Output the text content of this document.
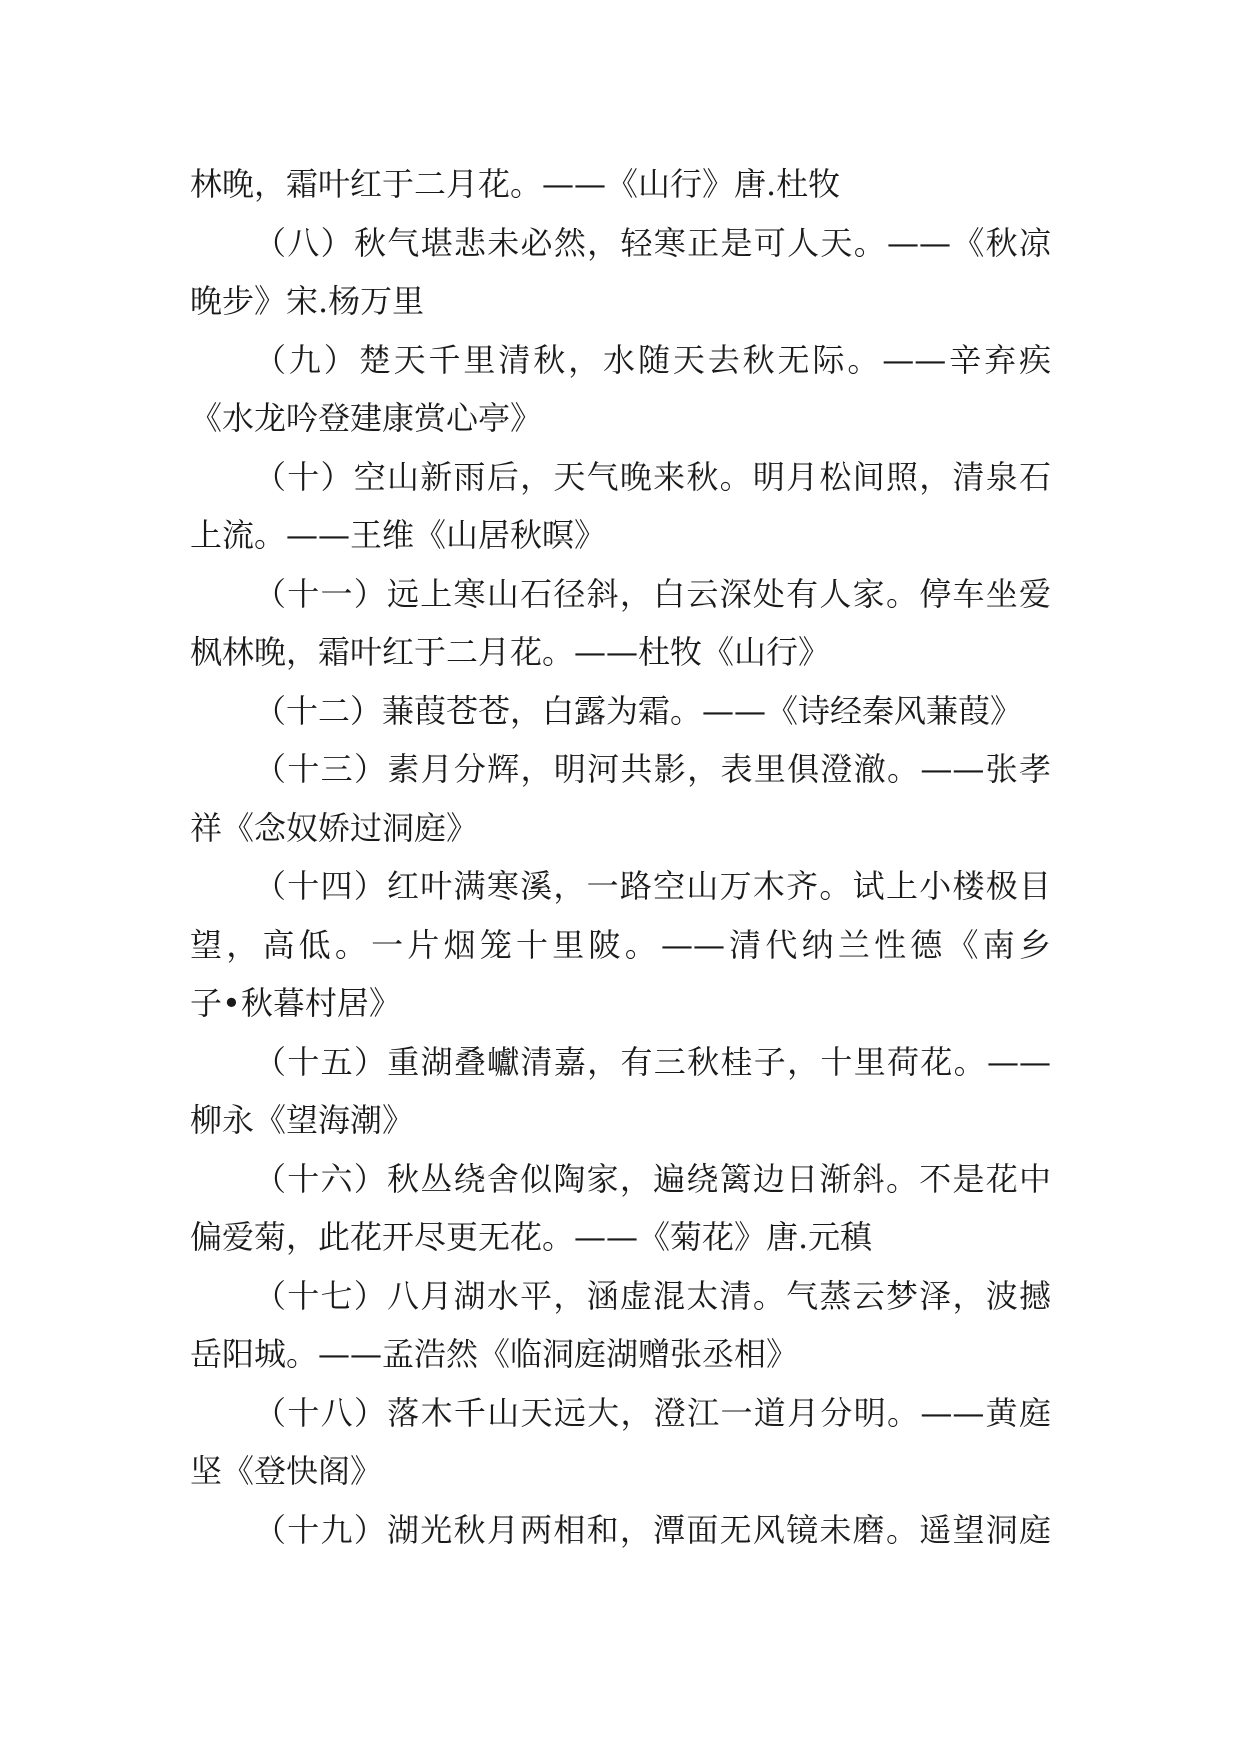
林晚，霜叶红于二月花。——《山行》唐.杜牧
（八）秋气堪悲未必然，轻寒正是可人天。——《秋凉
晚步》宋.杨万里
（九）楚天千里清秋，水随天去秋无际。——辛弃疾
《水龙吟登建康赏心亭》
（十）空山新雨后，天气晚来秋。明月松间照，清泉石
上流。——王维《山居秋暝》
（十一）远上寒山石径斜，白云深处有人家。停车坐爱
枫林晚，霜叶红于二月花。——杜牧《山行》
（十二）蒹葭苍苍，白露为霜。——《诗经秦风蒹葭》
（十三）素月分辉，明河共影，表里俱澄澈。——张孝
祥《念奴娇过洞庭》
（十四）红叶满寒溪，一路空山万木齐。试上小楼极目
望，高低。一片烟笼十里陂。——清代纳兰性德《南乡
子•秋暮村居》
（十五）重湖叠巘清嘉，有三秋桂子，十里荷花。——
柳永《望海潮》
（十六）秋丛绕舍似陶家，遍绕篱边日渐斜。不是花中
偏爱菊，此花开尽更无花。——《菊花》唐.元稹
（十七）八月湖水平，涵虚混太清。气蒸云梦泽，波撼
岳阳城。——孟浩然《临洞庭湖赠张丞相》
（十八）落木千山天远大，澄江一道月分明。——黄庭
坚《登快阁》
（十九）湖光秋月两相和，潭面无风镜未磨。遥望洞庭
